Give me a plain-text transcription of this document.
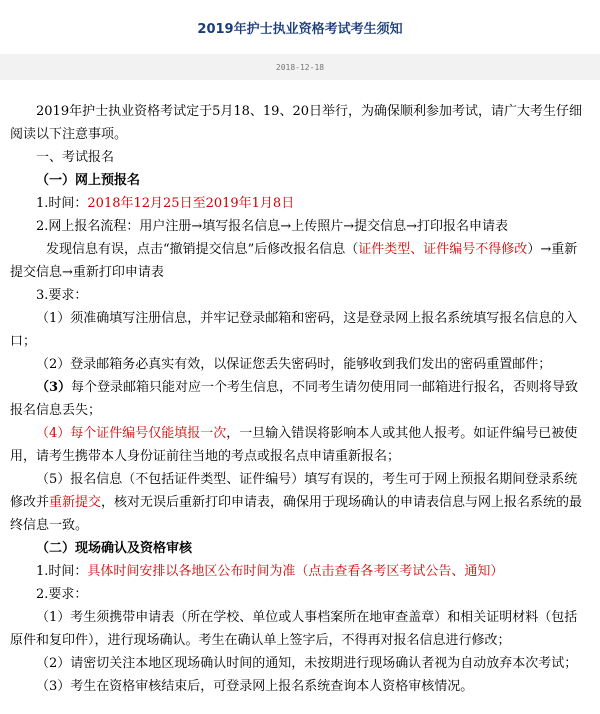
2019年护士执业资格考试考生须知
2018-12-18

2019年护士执业资格考试定于5月18、19、20日举行，为确保顺利参加考试，请广大考生仔细阅读以下注意事项。

一、考试报名

（一）网上预报名

1.时间：2018年12月25日至2019年1月8日

2.网上报名流程：用户注册→填写报名信息→上传照片→提交信息→打印报名申请表

发现信息有误，点击“撤销提交信息”后修改报名信息（证件类型、证件编号不得修改）→重新提交信息→重新打印申请表

3.要求：

（1）须准确填写注册信息，并牢记登录邮箱和密码，这是登录网上报名系统填写报名信息的入口；

（2）登录邮箱务必真实有效，以保证您丢失密码时，能够收到我们发出的密码重置邮件；

（3）每个登录邮箱只能对应一个考生信息，不同考生请勿使用同一邮箱进行报名，否则将导致报名信息丢失；

（4）每个证件编号仅能填报一次，一旦输入错误将影响本人或其他人报考。如证件编号已被使用，请考生携带本人身份证前往当地的考点或报名点申请重新报名；

（5）报名信息（不包括证件类型、证件编号）填写有误的，考生可于网上预报名期间登录系统修改并重新提交，核对无误后重新打印申请表，确保用于现场确认的申请表信息与网上报名系统的最终信息一致。

（二）现场确认及资格审核

1.时间：具体时间安排以各地区公布时间为准（点击查看各考区考试公告、通知）

2.要求：

（1）考生须携带申请表（所在学校、单位或人事档案所在地审查盖章）和相关证明材料（包括原件和复印件），进行现场确认。考生在确认单上签字后，不得再对报名信息进行修改；

（2）请密切关注本地区现场确认时间的通知，未按期进行现场确认者视为自动放弃本次考试；

（3）考生在资格审核结束后，可登录网上报名系统查询本人资格审核情况。
